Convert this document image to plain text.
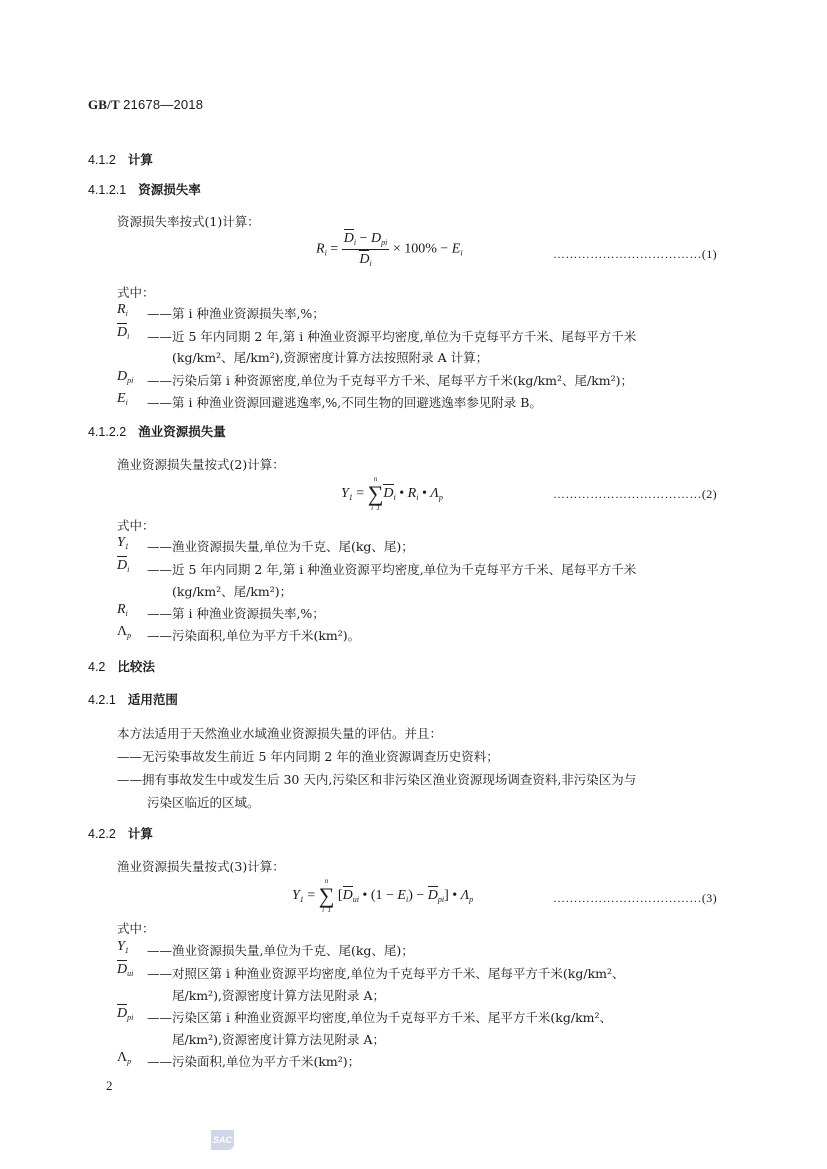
GB/T 21678—2018
4.1.2 计算
4.1.2.1 资源损失率
资源损失率按式(1)计算：
$R_i = \frac{D_i - D_{pi}}{D_i} \times 100\% - E_i$	………………………………(1)
式中：
$R_i$	——第 i 种渔业资源损失率,%；
$D_i$	——近 5 年内同期 2 年,第 i 种渔业资源平均密度,单位为千克每平方千米、尾每平方千米
(kg/km²、尾/km²),资源密度计算方法按照附录 A 计算；
$D_{pi}$	——污染后第 i 种资源密度,单位为千克每平方千米、尾每平方千米(kg/km²、尾/km²)；
$E_i$	——第 i 种渔业资源回避逃逸率,%,不同生物的回避逃逸率参见附录 B。
4.1.2.2 渔业资源损失量
渔业资源损失量按式(2)计算：
$Y_1$ =
n
∑
i  1
$D_i$ • $R_i$ • $\Lambda_p$	………………………………(2)
式中：
$Y_1$	——渔业资源损失量,单位为千克、尾(kg、尾)；
$D_i$	——近 5 年内同期 2 年,第 i 种渔业资源平均密度,单位为千克每平方千米、尾每平方千米
(kg/km²、尾/km²)；
$R_i$	——第 i 种渔业资源损失率,%；
$\Lambda_p$	——污染面积,单位为平方千米(km²)。
4.2 比较法
4.2.1 适用范围
本方法适用于天然渔业水域渔业资源损失量的评估。并且：
——无污染事故发生前近 5 年内同期 2 年的渔业资源调查历史资料；
——拥有事故发生中或发生后 30 天内,污染区和非污染区渔业资源现场调查资料,非污染区为与
污染区临近的区域。
4.2.2 计算
渔业资源损失量按式(3)计算：
$Y_1$ =
n
∑
i  1
[$D_{ui}$ • $(1 - E_i) - D_{pi}$] • $\Lambda_p$	………………………………(3)
式中：
$Y_1$	——渔业资源损失量,单位为千克、尾(kg、尾)；
$D_{ui}$	——对照区第 i 种渔业资源平均密度,单位为千克每平方千米、尾每平方千米(kg/km²、
尾/km²),资源密度计算方法见附录 A；
$D_{pi}$	——污染区第 i 种渔业资源平均密度,单位为千克每平方千米、尾平方千米(kg/km²、
尾/km²),资源密度计算方法见附录 A；
$\Lambda_p$	——污染面积,单位为平方千米(km²)；
2
SAC
